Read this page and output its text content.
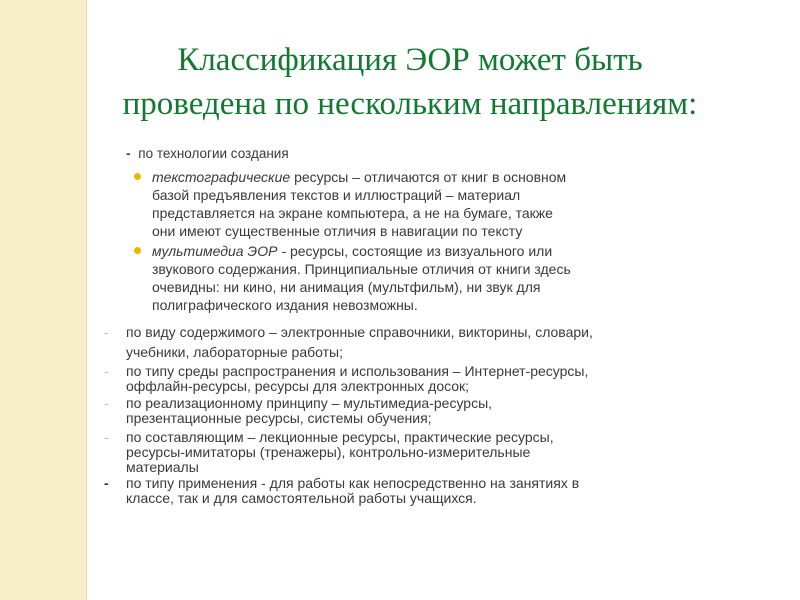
Классификация ЭОР может быть
проведена по нескольким направлениям:
- по технологии создания
текстографические ресурсы – отличаются от книг в основном
базой предъявления текстов и иллюстраций – материал
представляется на экране компьютера, а не на бумаге, также
они имеют существенные отличия в навигации по тексту
мультимедиа ЭОР - ресурсы, состоящие из визуального или
звукового содержания. Принципиальные отличия от книги здесь
очевидны: ни кино, ни анимация (мультфильм), ни звук для
полиграфического издания невозможны.
- по виду содержимого – электронные справочники, викторины, словари,
учебники, лабораторные работы;
- по типу среды распространения и использования – Интернет-ресурсы,
оффлайн-ресурсы, ресурсы для электронных досок;
- по реализационному принципу – мультимедиа-ресурсы,
презентационные ресурсы, системы обучения;
- по составляющим – лекционные ресурсы, практические ресурсы,
ресурсы-имитаторы (тренажеры), контрольно-измерительные
материалы
- по типу применения - для работы как непосредственно на занятиях в
классе, так и для самостоятельной работы учащихся.
